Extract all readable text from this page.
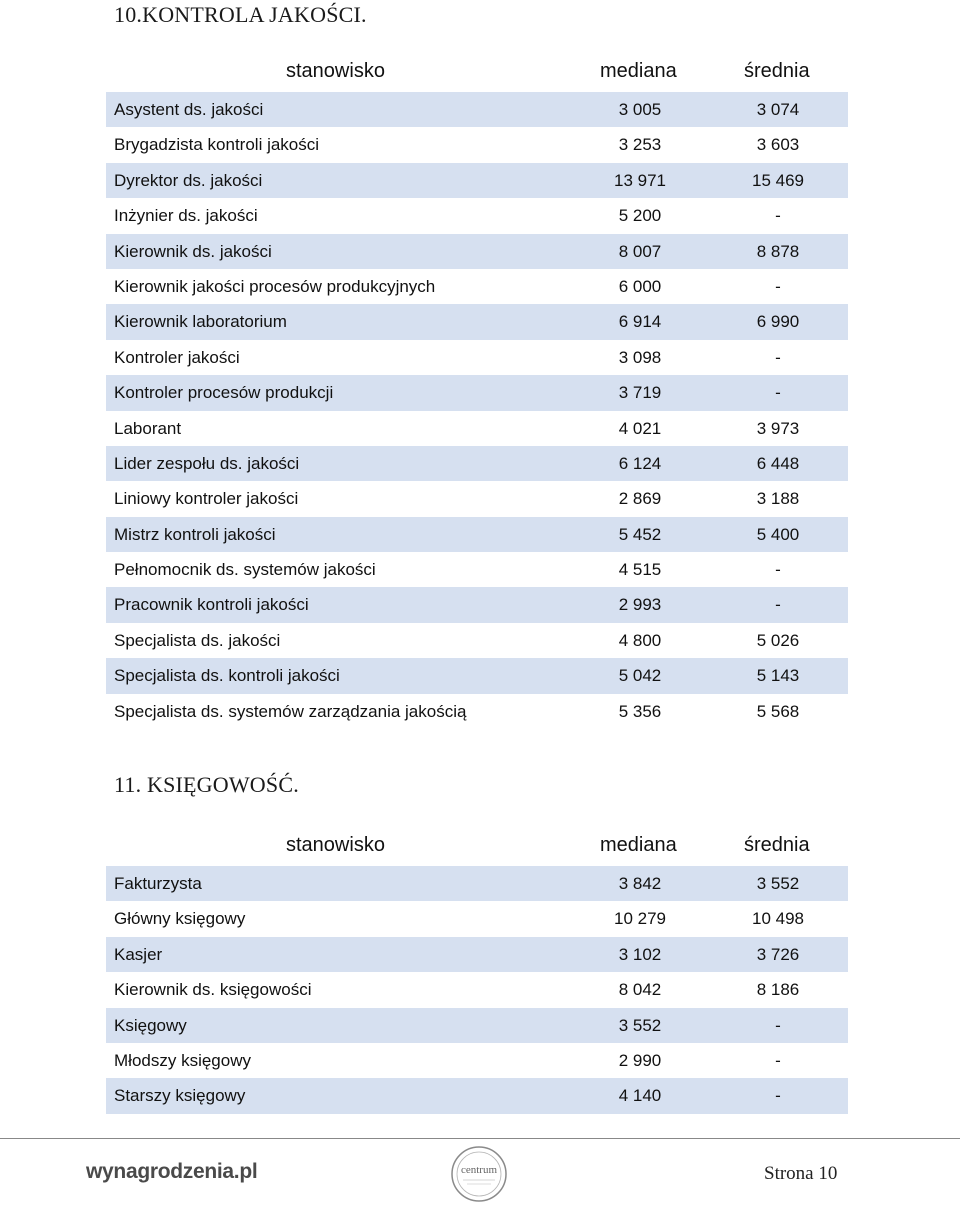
10.KONTROLA JAKOŚCI.
stanowisko	mediana	średnia
Asystent ds. jakości	3 005	3 074
Brygadzista kontroli jakości	3 253	3 603
Dyrektor ds. jakości	13 971	15 469
Inżynier ds. jakości	5 200	-
Kierownik ds. jakości	8 007	8 878
Kierownik jakości procesów produkcyjnych	6 000	-
Kierownik laboratorium	6 914	6 990
Kontroler jakości	3 098	-
Kontroler procesów produkcji	3 719	-
Laborant	4 021	3 973
Lider zespołu ds. jakości	6 124	6 448
Liniowy kontroler jakości	2 869	3 188
Mistrz kontroli jakości	5 452	5 400
Pełnomocnik ds. systemów jakości	4 515	-
Pracownik kontroli jakości	2 993	-
Specjalista ds. jakości	4 800	5 026
Specjalista ds. kontroli jakości	5 042	5 143
Specjalista ds. systemów zarządzania jakością	5 356	5 568
11. KSIĘGOWOŚĆ.
stanowisko	mediana	średnia
Fakturzysta	3 842	3 552
Główny księgowy	10 279	10 498
Kasjer	3 102	3 726
Kierownik ds. księgowości	8 042	8 186
Księgowy	3 552	-
Młodszy księgowy	2 990	-
Starszy księgowy	4 140	-
wynagrodzenia.pl	centrum	Strona 10
